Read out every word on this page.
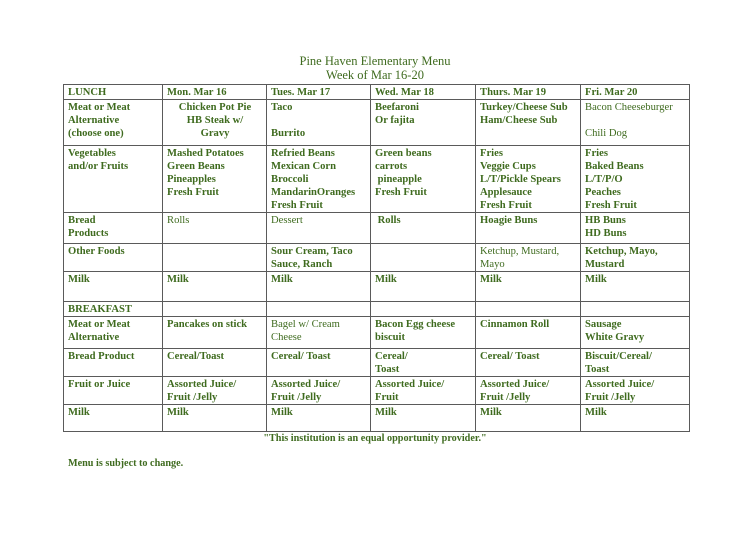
Pine Haven Elementary Menu
Week of Mar 16-20
LUNCH	Mon. Mar 16	Tues. Mar 17	Wed. Mar 18	Thurs. Mar 19	Fri. Mar 20

Meat or Meat
Alternative
(choose one)	Chicken Pot Pie
HB Steak w/
Gravy	Taco
Burrito	Beefaroni
Or fajita	Turkey/Cheese Sub
Ham/Cheese Sub	Bacon Cheeseburger
Chili Dog

Vegetables
and/or Fruits	Mashed Potatoes
Green Beans
Pineapples
Fresh Fruit	Refried Beans
Mexican Corn
Broccoli
MandarinOranges
Fresh Fruit	Green beans
carrots
pineapple
Fresh Fruit	Fries
Veggie Cups
L/T/Pickle Spears
Applesauce
Fresh Fruit	Fries
Baked Beans
L/T/P/O
Peaches
Fresh Fruit

Bread
Products	Rolls	Dessert	Rolls	Hoagie Buns	HB Buns
HD Buns

Other Foods		Sour Cream, Taco
Sauce, Ranch		Ketchup, Mustard,
Mayo	Ketchup, Mayo,
Mustard

Milk	Milk	Milk	Milk	Milk	Milk
BREAKFAST					

Meat or Meat
Alternative	Pancakes on stick	Bagel w/ Cream
Cheese	Bacon Egg cheese
biscuit	Cinnamon Roll	Sausage
White Gravy

Bread Product	Cereal/Toast	Cereal/ Toast	Cereal/
Toast	Cereal/ Toast	Biscuit/Cereal/
Toast

Fruit or Juice	Assorted Juice/
Fruit /Jelly	Assorted Juice/
Fruit /Jelly	Assorted Juice/
Fruit	Assorted Juice/
Fruit /Jelly	Assorted Juice/
Fruit /Jelly

Milk	Milk	Milk	Milk	Milk	Milk
"This institution is an equal opportunity provider."
Menu is subject to change.
